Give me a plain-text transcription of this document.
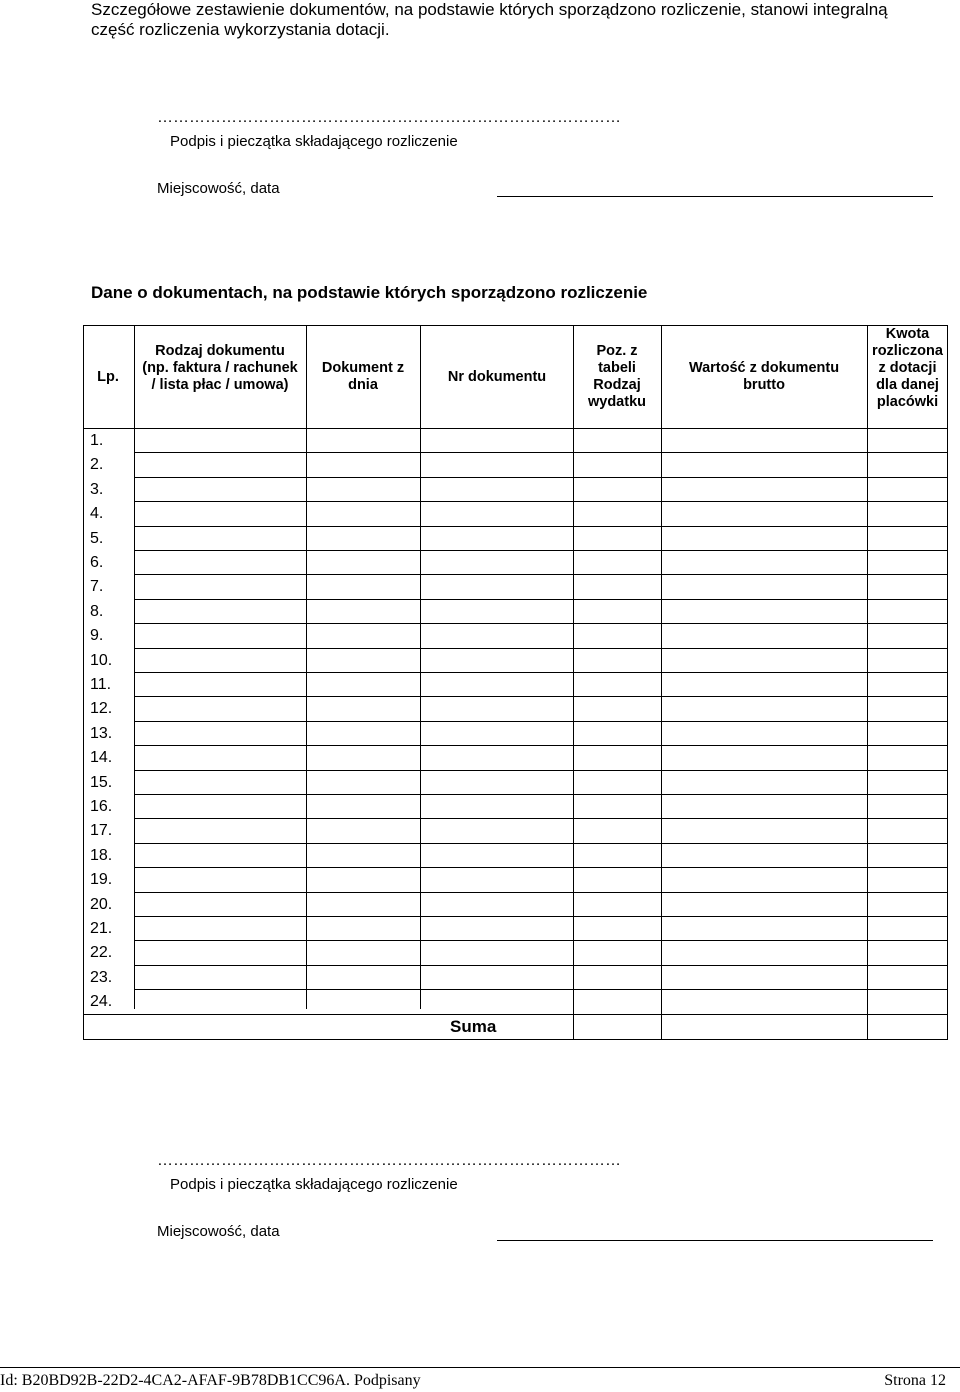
Szczegółowe zestawienie dokumentów, na podstawie których sporządzono rozliczenie, stanowi integralną część rozliczenia wykorzystania dotacji.
……………………………………………………………………………
Podpis i pieczątka składającego rozliczenie
Miejscowość, data
Dane o dokumentach, na podstawie których sporządzono rozliczenie
Lp.
Rodzaj dokumentu (np. faktura / rachunek / lista płac / umowa)
Dokument z dnia	Nr dokumentu
Poz. z tabeli Rodzaj wydatku
Wartość z dokumentu brutto
Kwota rozliczona z dotacji dla danej placówki
1.
2.
3.
4.
5.
6.
7.
8.
9.
10.
11.
12.
13.
14.
15.
16.
17.
18.
19.
20.
21.
22.
23.
24.
Suma
……………………………………………………………………………
Podpis i pieczątka składającego rozliczenie
Miejscowość, data
Id: B20BD92B-22D2-4CA2-AFAF-9B78DB1CC96A. Podpisany	Strona 12
